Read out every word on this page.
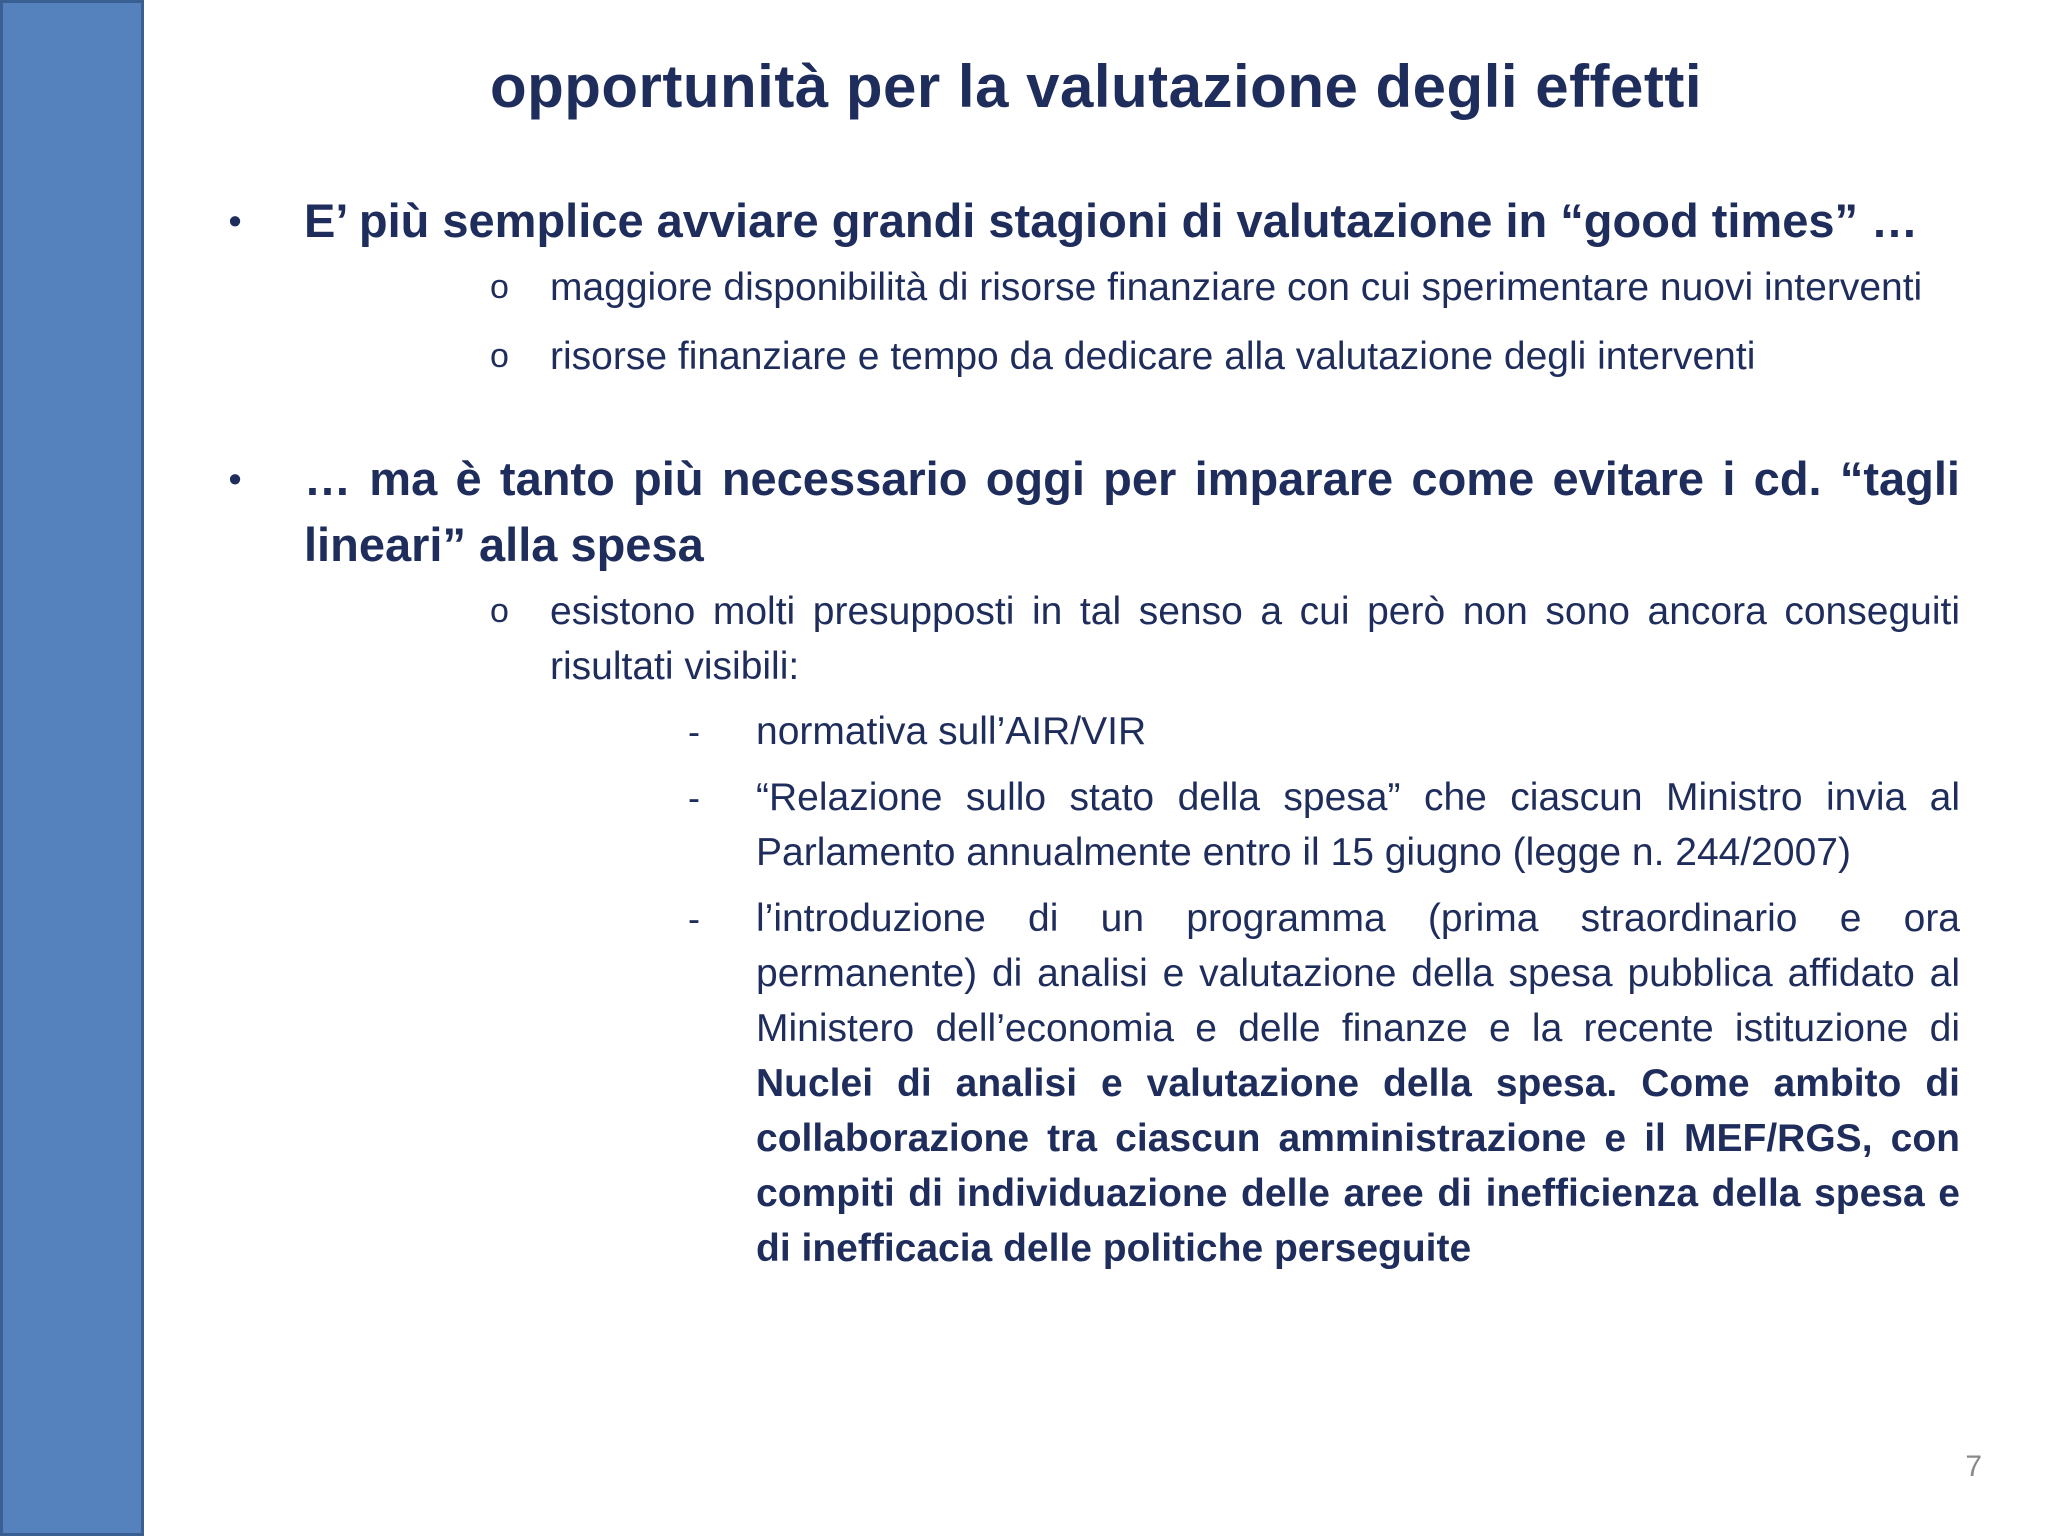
opportunità per la valutazione degli effetti
• E’ più semplice avviare grandi stagioni di valutazione in “good times” …
o maggiore disponibilità di risorse finanziare con cui sperimentare nuovi interventi
o risorse finanziare e tempo da dedicare alla valutazione degli interventi
• … ma è tanto più necessario oggi per imparare come evitare i cd. “tagli lineari” alla spesa
o esistono molti presupposti in tal senso a cui però non sono ancora conseguiti risultati visibili:
- normativa sull’AIR/VIR
- “Relazione sullo stato della spesa” che ciascun Ministro invia al Parlamento annualmente entro il 15 giugno (legge n. 244/2007)
- l’introduzione di un programma (prima straordinario e ora permanente) di analisi e valutazione della spesa pubblica affidato al Ministero dell’economia e delle finanze e la recente istituzione di Nuclei di analisi e valutazione della spesa. Come ambito di collaborazione tra ciascun amministrazione e il MEF/RGS, con compiti di individuazione delle aree di inefficienza della spesa e di inefficacia delle politiche perseguite
7
